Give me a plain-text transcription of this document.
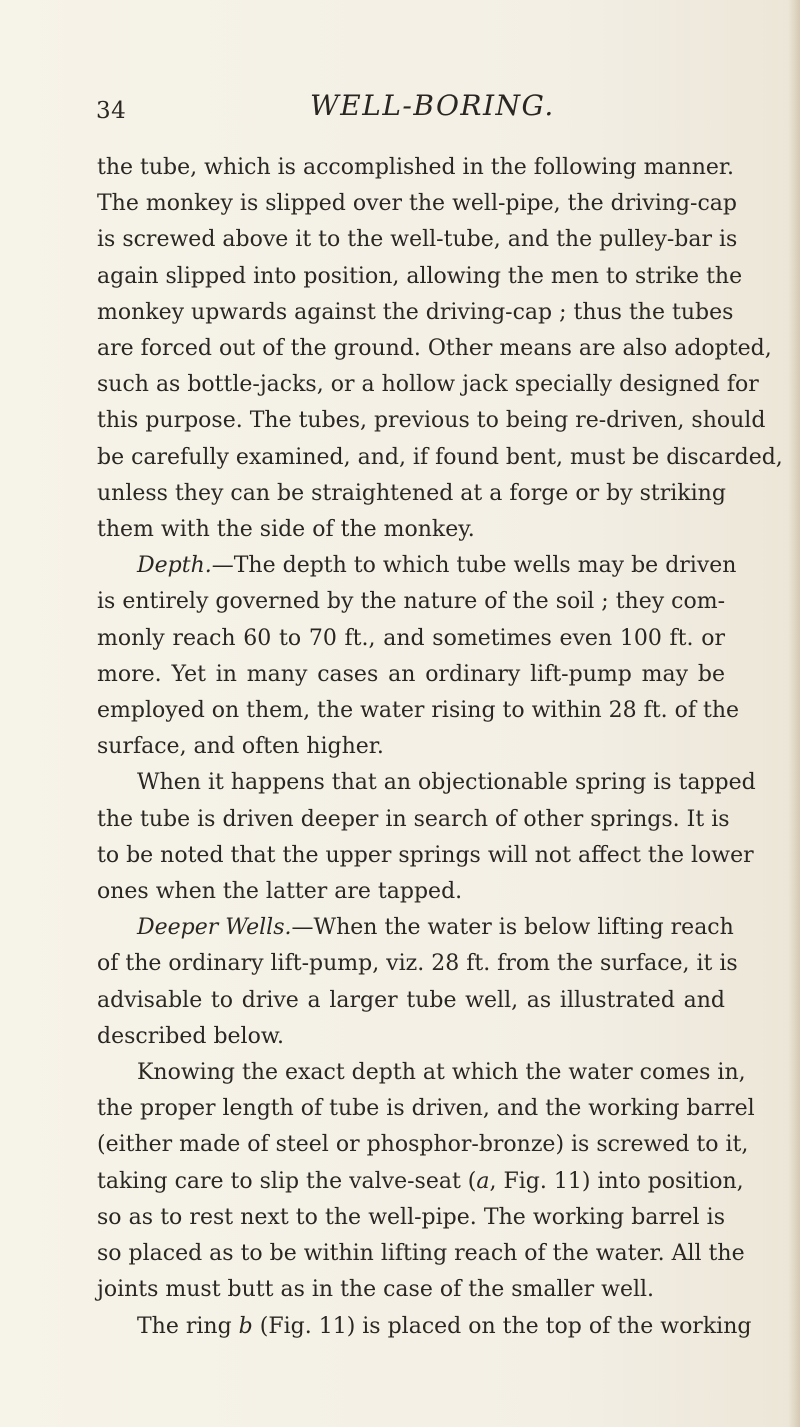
34	WELL-BORING.
the tube, which is accomplished in the following manner.
The monkey is slipped over the well-pipe, the driving-cap
is screwed above it to the well-tube, and the pulley-bar is
again slipped into position, allowing the men to strike the
monkey upwards against the driving-cap ; thus the tubes
are forced out of the ground. Other means are also adopted,
such as bottle-jacks, or a hollow jack specially designed for
this purpose. The tubes, previous to being re-driven, should
be carefully examined, and, if found bent, must be discarded,
unless they can be straightened at a forge or by striking
them with the side of the monkey.
Depth.—The depth to which tube wells may be driven
is entirely governed by the nature of the soil ; they com-
monly reach 60 to 70 ft., and sometimes even 100 ft. or
more. Yet in many cases an ordinary lift-pump may be
employed on them, the water rising to within 28 ft. of the
surface, and often higher.
When it happens that an objectionable spring is tapped
the tube is driven deeper in search of other springs. It is
to be noted that the upper springs will not affect the lower
ones when the latter are tapped.
Deeper Wells.—When the water is below lifting reach
of the ordinary lift-pump, viz. 28 ft. from the surface, it is
advisable to drive a larger tube well, as illustrated and
described below.
Knowing the exact depth at which the water comes in,
the proper length of tube is driven, and the working barrel
(either made of steel or phosphor-bronze) is screwed to it,
taking care to slip the valve-seat (a, Fig. 11) into position,
so as to rest next to the well-pipe. The working barrel is
so placed as to be within lifting reach of the water. All the
joints must butt as in the case of the smaller well.
The ring b (Fig. 11) is placed on the top of the working
